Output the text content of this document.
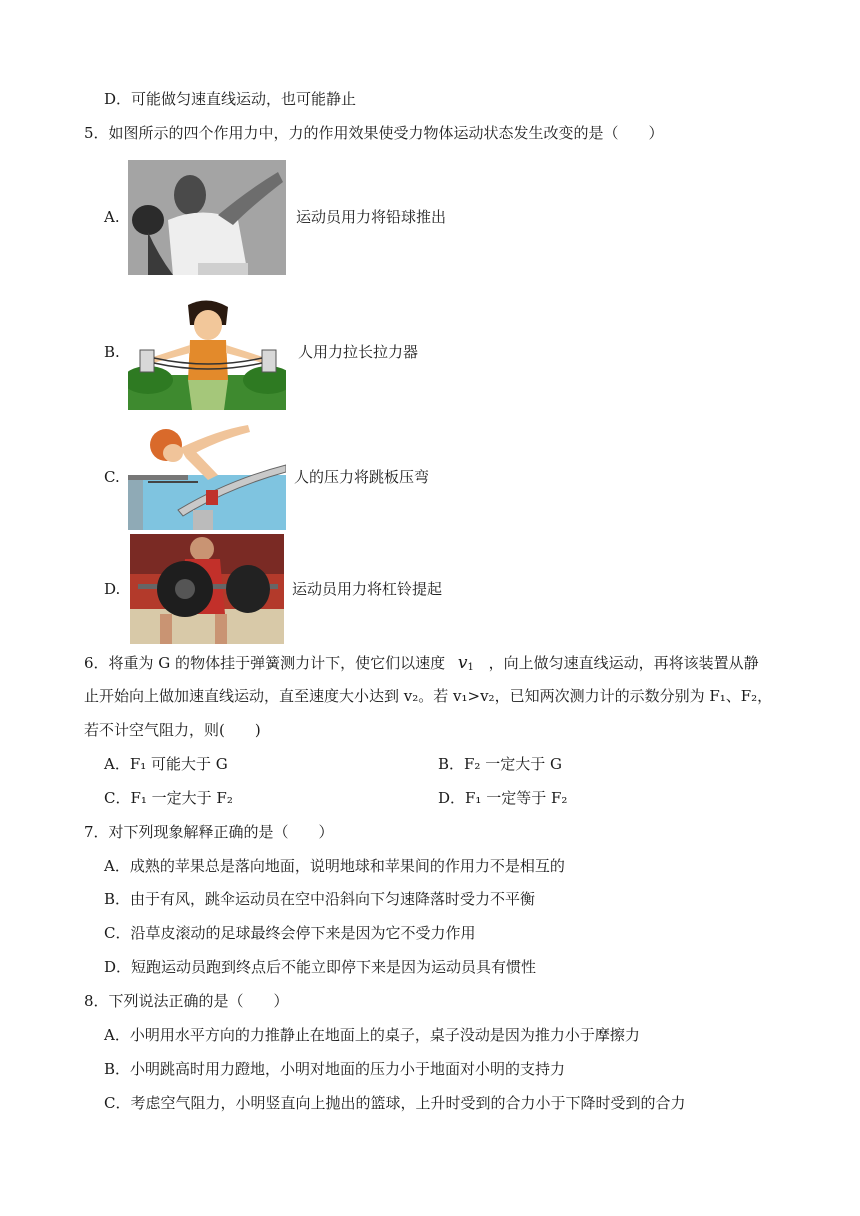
D．可能做匀速直线运动，也可能静止
5．如图所示的四个作用力中，力的作用效果使受力物体运动状态发生改变的是（　　）
A.	运动员用力将铅球推出
B.	人用力拉长拉力器
C.	人的压力将跳板压弯
D.	运动员用力将杠铃提起
6．将重为 G 的物体挂于弹簧测力计下，使它们以速度 $v_1$ ，向上做匀速直线运动，再将该装置从静
止开始向上做加速直线运动，直至速度大小达到 v₂。若 v₁>v₂，已知两次测力计的示数分别为 F₁、F₂，
若不计空气阻力，则(　　)
A．F₁ 可能大于 G	B．F₂ 一定大于 G
C．F₁ 一定大于 F₂	D．F₁ 一定等于 F₂
7．对下列现象解释正确的是（　　）
A．成熟的苹果总是落向地面，说明地球和苹果间的作用力不是相互的
B．由于有风，跳伞运动员在空中沿斜向下匀速降落时受力不平衡
C．沿草皮滚动的足球最终会停下来是因为它不受力作用
D．短跑运动员跑到终点后不能立即停下来是因为运动员具有惯性
8．下列说法正确的是（　　）
A．小明用水平方向的力推静止在地面上的桌子，桌子没动是因为推力小于摩擦力
B．小明跳高时用力蹬地，小明对地面的压力小于地面对小明的支持力
C．考虑空气阻力，小明竖直向上抛出的篮球，上升时受到的合力小于下降时受到的合力
